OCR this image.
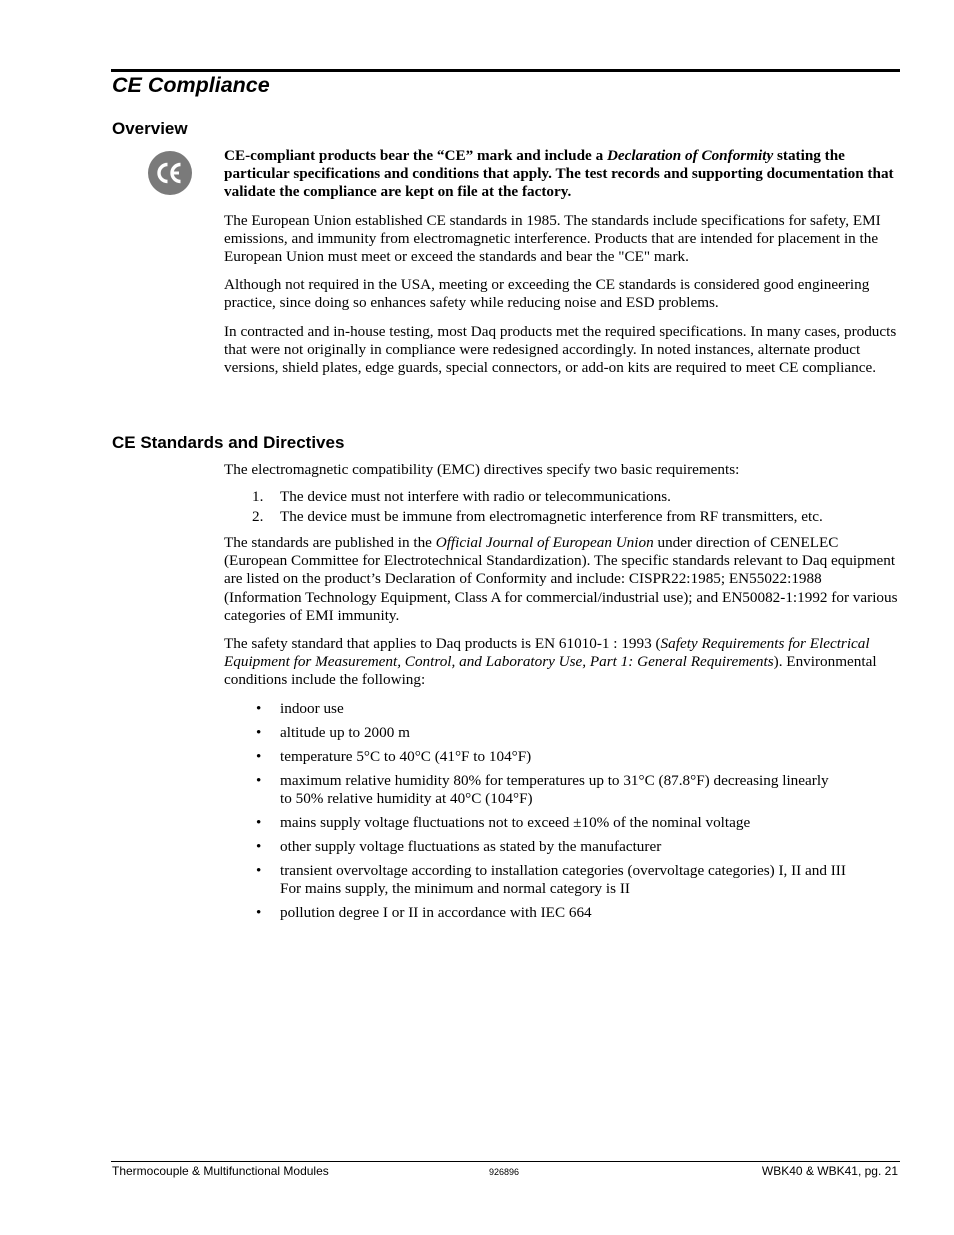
CE Compliance
Overview

CE-compliant products bear the “CE” mark and include a Declaration of Conformity stating the particular specifications and conditions that apply. The test records and supporting documentation that validate the compliance are kept on file at the factory.

The European Union established CE standards in 1985. The standards include specifications for safety, EMI emissions, and immunity from electromagnetic interference. Products that are intended for placement in the European Union must meet or exceed the standards and bear the "CE" mark.

Although not required in the USA, meeting or exceeding the CE standards is considered good engineering practice, since doing so enhances safety while reducing noise and ESD problems.

In contracted and in-house testing, most Daq products met the required specifications. In many cases, products that were not originally in compliance were redesigned accordingly. In noted instances, alternate product versions, shield plates, edge guards, special connectors, or add-on kits are required to meet CE compliance.

CE Standards and Directives
The electromagnetic compatibility (EMC) directives specify two basic requirements:
1. The device must not interfere with radio or telecommunications.
2. The device must be immune from electromagnetic interference from RF transmitters, etc.

The standards are published in the Official Journal of European Union under direction of CENELEC (European Committee for Electrotechnical Standardization). The specific standards relevant to Daq equipment are listed on the product’s Declaration of Conformity and include: CISPR22:1985; EN55022:1988 (Information Technology Equipment, Class A for commercial/industrial use); and EN50082-1:1992 for various categories of EMI immunity.

The safety standard that applies to Daq products is EN 61010-1 : 1993 (Safety Requirements for Electrical Equipment for Measurement, Control, and Laboratory Use, Part 1: General Requirements). Environmental conditions include the following:

• indoor use
• altitude up to 2000 m
• temperature 5°C to 40°C (41°F to 104°F)
• maximum relative humidity 80% for temperatures up to 31°C (87.8°F) decreasing linearly
to 50% relative humidity at 40°C (104°F)
• mains supply voltage fluctuations not to exceed ±10% of the nominal voltage
• other supply voltage fluctuations as stated by the manufacturer
• transient overvoltage according to installation categories (overvoltage categories) I, II and III
For mains supply, the minimum and normal category is II
• pollution degree I or II in accordance with IEC 664
Thermocouple & Multifunctional Modules	926896	WBK40 & WBK41, pg. 21
